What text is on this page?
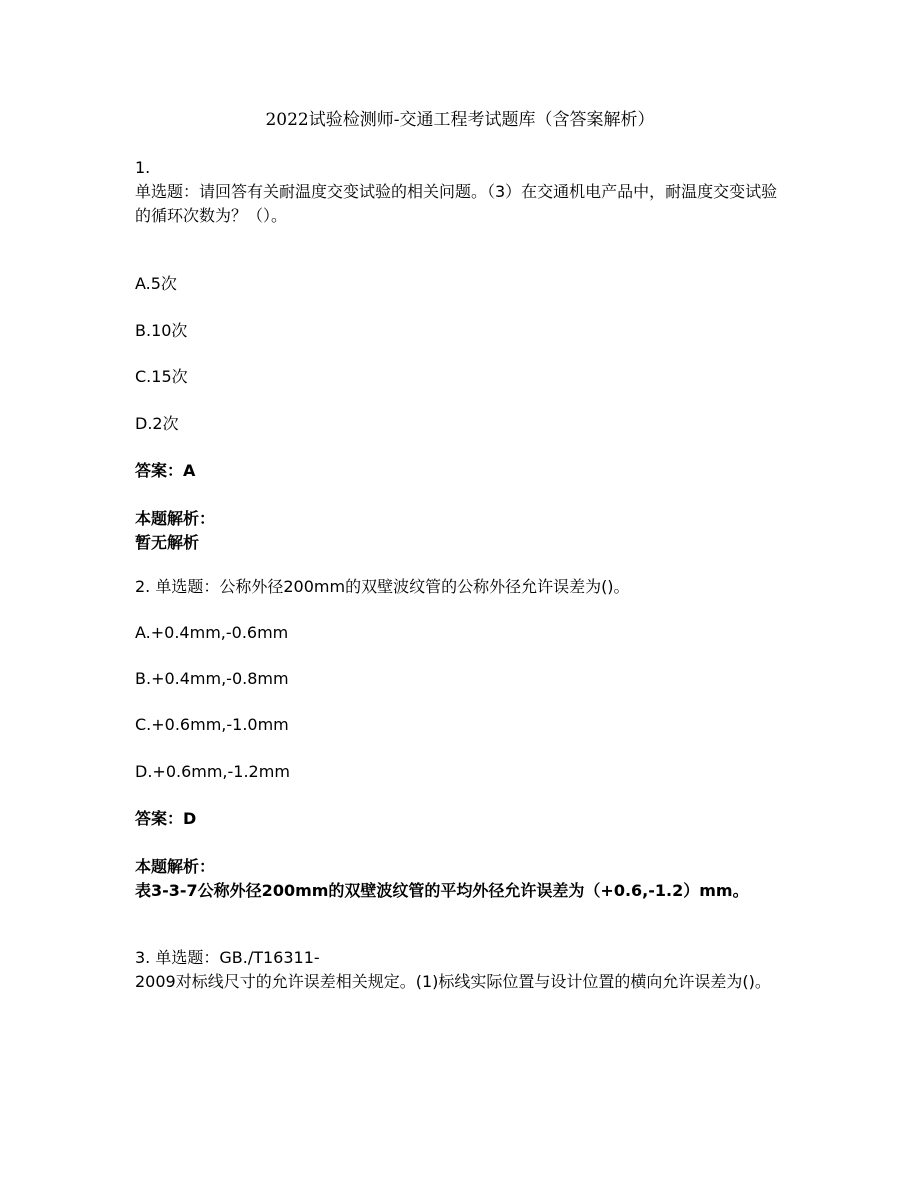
2022试验检测师-交通工程考试题库（含答案解析）
1.
单选题：请回答有关耐温度交变试验的相关问题。（3）在交通机电产品中，耐温度交变试验的循环次数为？（）。
A.5次
B.10次
C.15次
D.2次
答案：A
本题解析：
暂无解析
2. 单选题：公称外径200mm的双壁波纹管的公称外径允许误差为()。
A.+0.4mm,-0.6mm
B.+0.4mm,-0.8mm
C.+0.6mm,-1.0mm
D.+0.6mm,-1.2mm
答案：D
本题解析：
表3-3-7公称外径200mm的双壁波纹管的平均外径允许误差为（+0.6,-1.2）mm。
3. 单选题：GB./T16311-
2009对标线尺寸的允许误差相关规定。(1)标线实际位置与设计位置的横向允许误差为()。
